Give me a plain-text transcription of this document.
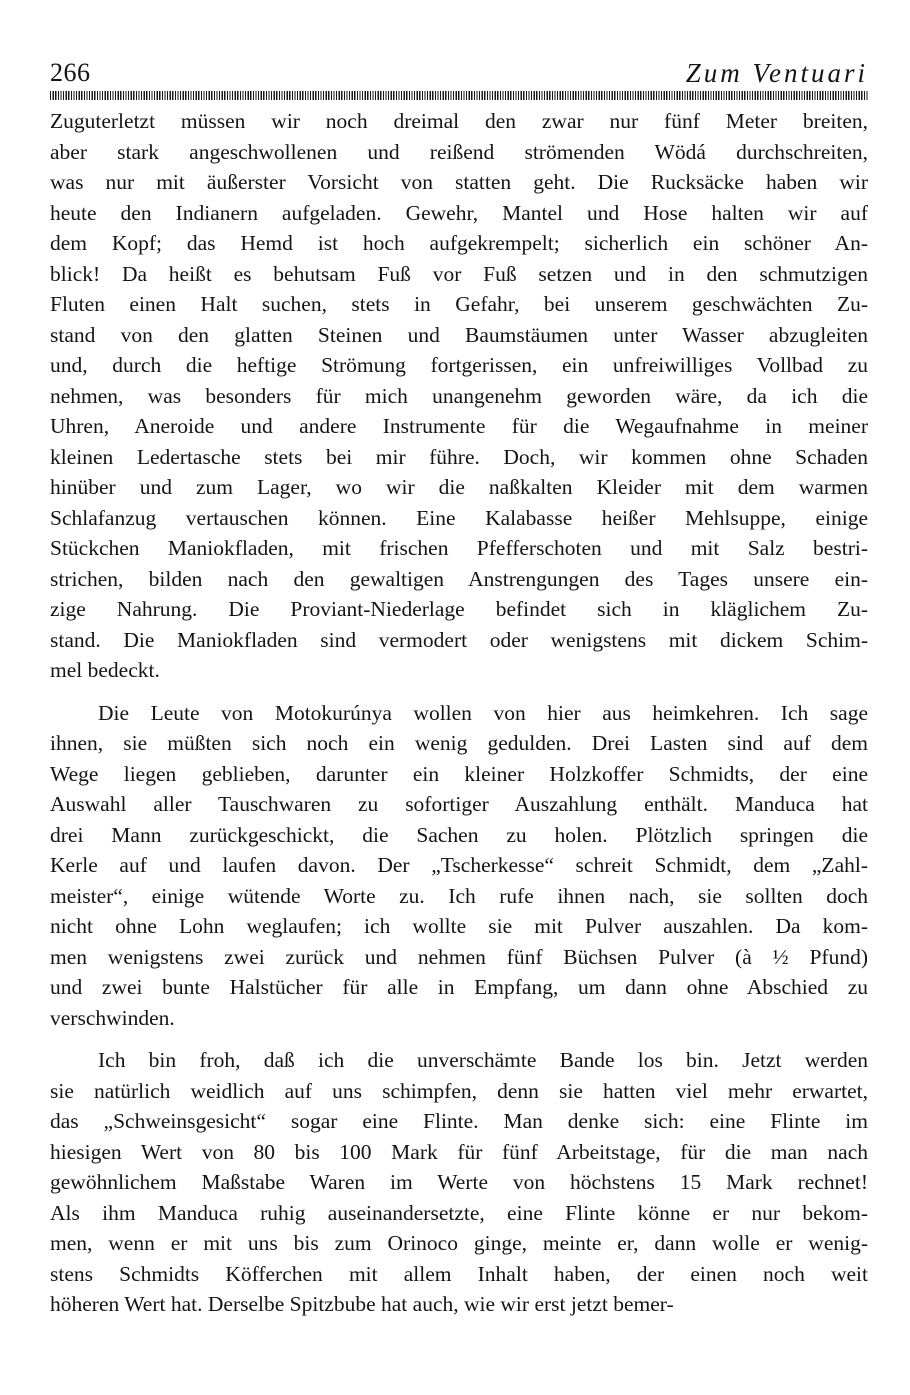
266	Zum Ventuari
Zuguterletzt müssen wir noch dreimal den zwar nur fünf Meter breiten,
aber stark angeschwollenen und reißend strömenden Wödá durchschreiten,
was nur mit äußerster Vorsicht von statten geht. Die Rucksäcke haben wir
heute den Indianern aufgeladen. Gewehr, Mantel und Hose halten wir auf
dem Kopf; das Hemd ist hoch aufgekrempelt; sicherlich ein schöner An-
blick! Da heißt es behutsam Fuß vor Fuß setzen und in den schmutzigen
Fluten einen Halt suchen, stets in Gefahr, bei unserem geschwächten Zu-
stand von den glatten Steinen und Baumstäumen unter Wasser abzugleiten
und, durch die heftige Strömung fortgerissen, ein unfreiwilliges Vollbad zu
nehmen, was besonders für mich unangenehm geworden wäre, da ich die
Uhren, Aneroide und andere Instrumente für die Wegaufnahme in meiner
kleinen Ledertasche stets bei mir führe. Doch, wir kommen ohne Schaden
hinüber und zum Lager, wo wir die naßkalten Kleider mit dem warmen
Schlafanzug vertauschen können. Eine Kalabasse heißer Mehlsuppe, einige
Stückchen Maniokfladen, mit frischen Pfefferschoten und mit Salz bestri-
strichen, bilden nach den gewaltigen Anstrengungen des Tages unsere ein-
zige Nahrung. Die Proviant-Niederlage befindet sich in kläglichem Zu-
stand. Die Maniokfladen sind vermodert oder wenigstens mit dickem Schim-
mel bedeckt.
Die Leute von Motokurúnya wollen von hier aus heimkehren. Ich sage
ihnen, sie müßten sich noch ein wenig gedulden. Drei Lasten sind auf dem
Wege liegen geblieben, darunter ein kleiner Holzkoffer Schmidts, der eine
Auswahl aller Tauschwaren zu sofortiger Auszahlung enthält. Manduca hat
drei Mann zurückgeschickt, die Sachen zu holen. Plötzlich springen die
Kerle auf und laufen davon. Der „Tscherkesse“ schreit Schmidt, dem „Zahl-
meister“, einige wütende Worte zu. Ich rufe ihnen nach, sie sollten doch
nicht ohne Lohn weglaufen; ich wollte sie mit Pulver auszahlen. Da kom-
men wenigstens zwei zurück und nehmen fünf Büchsen Pulver (à ½ Pfund)
und zwei bunte Halstücher für alle in Empfang, um dann ohne Abschied zu
verschwinden.
Ich bin froh, daß ich die unverschämte Bande los bin. Jetzt werden
sie natürlich weidlich auf uns schimpfen, denn sie hatten viel mehr erwartet,
das „Schweinsgesicht“ sogar eine Flinte. Man denke sich: eine Flinte im
hiesigen Wert von 80 bis 100 Mark für fünf Arbeitstage, für die man nach
gewöhnlichem Maßstabe Waren im Werte von höchstens 15 Mark rechnet!
Als ihm Manduca ruhig auseinandersetzte, eine Flinte könne er nur bekom-
men, wenn er mit uns bis zum Orinoco ginge, meinte er, dann wolle er wenig-
stens Schmidts Köfferchen mit allem Inhalt haben, der einen noch weit
höheren Wert hat. Derselbe Spitzbube hat auch, wie wir erst jetzt bemer-
